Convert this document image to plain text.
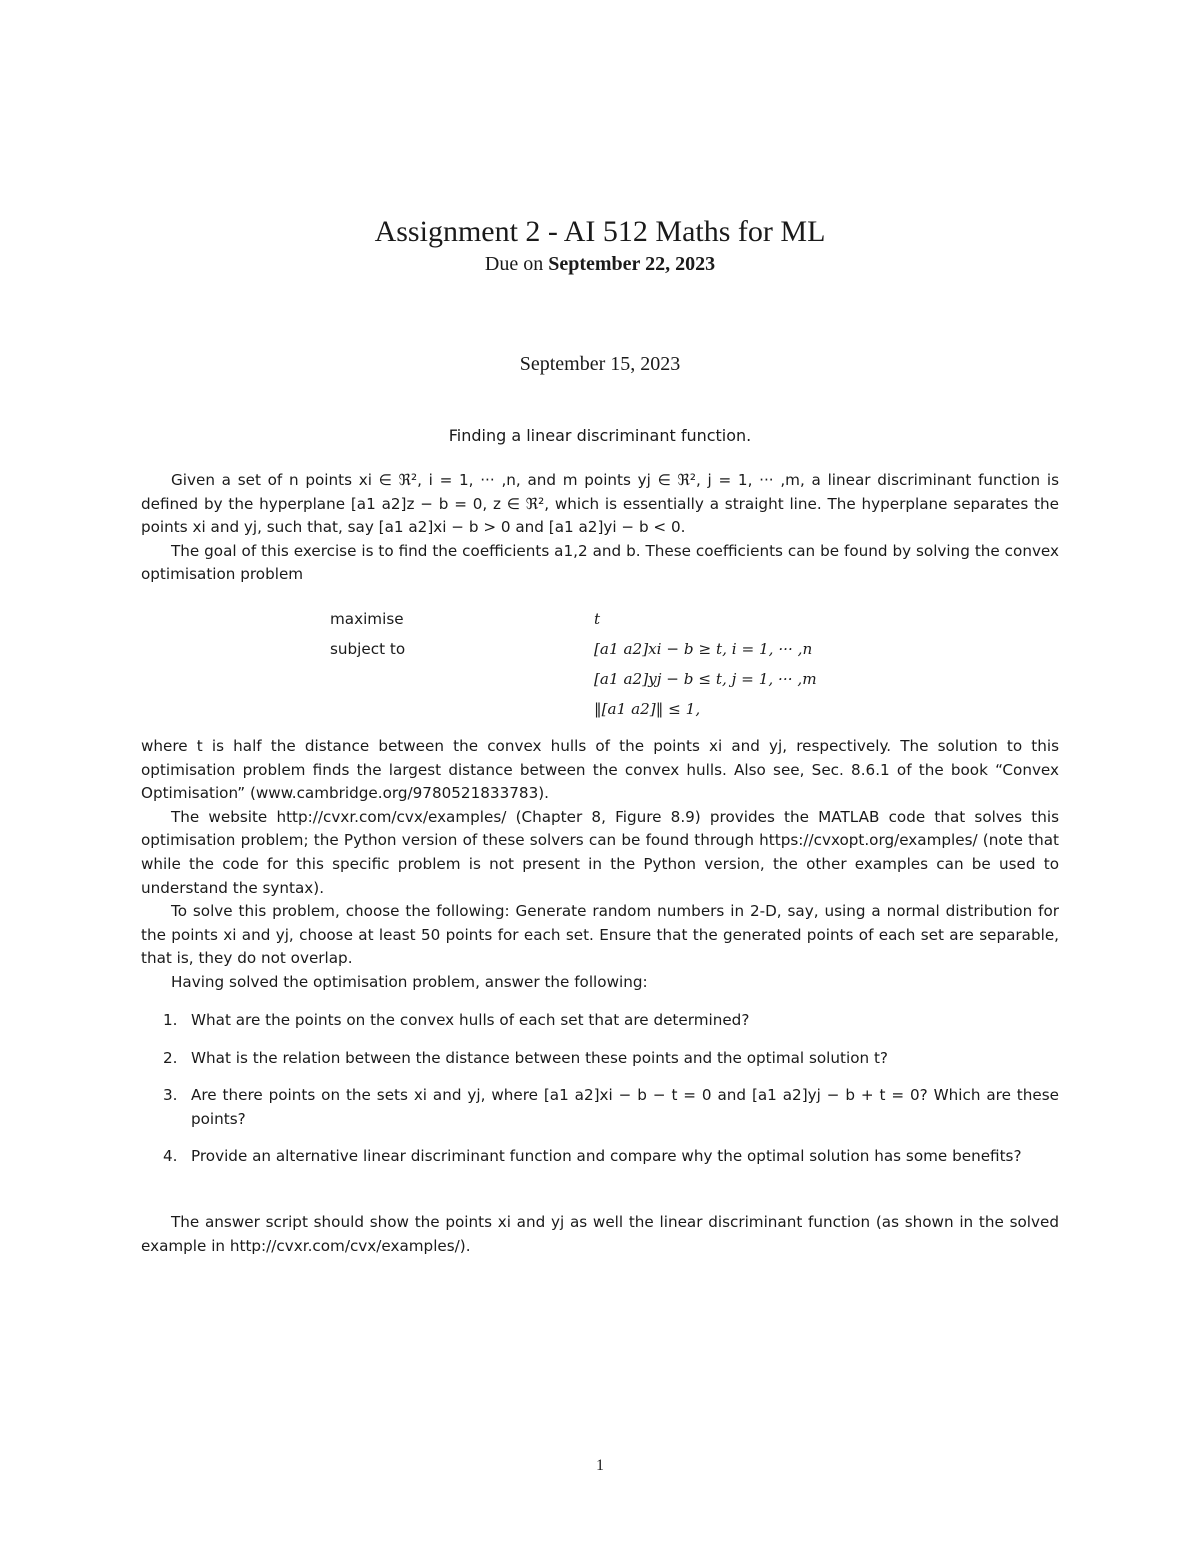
Assignment 2 - AI 512 Maths for ML
Due on September 22, 2023
September 15, 2023
Finding a linear discriminant function.

Given a set of n points xi ∈ ℜ², i = 1, ··· ,n, and m points yj ∈ ℜ², j = 1, ··· ,m, a linear discriminant function is defined by the hyperplane [a1 a2]z − b = 0, z ∈ ℜ², which is essentially a straight line. The hyperplane separates the points xi and yj, such that, say [a1 a2]xi − b > 0 and [a1 a2]yi − b < 0.

The goal of this exercise is to find the coefficients a1,2 and b. These coefficients can be found by solving the convex optimisation problem

maximise	t
subject to	[a1 a2]xi − b ≥ t, i = 1, ··· ,n
[a1 a2]yj − b ≤ t, j = 1, ··· ,m
‖[a1 a2]‖ ≤ 1,

where t is half the distance between the convex hulls of the points xi and yj, respectively. The solution to this optimisation problem finds the largest distance between the convex hulls. Also see, Sec. 8.6.1 of the book “Convex Optimisation” (www.cambridge.org/9780521833783).

The website http://cvxr.com/cvx/examples/ (Chapter 8, Figure 8.9) provides the MATLAB code that solves this optimisation problem; the Python version of these solvers can be found through https://cvxopt.org/examples/ (note that while the code for this specific problem is not present in the Python version, the other examples can be used to understand the syntax).

To solve this problem, choose the following: Generate random numbers in 2-D, say, using a normal distribution for the points xi and yj, choose at least 50 points for each set. Ensure that the generated points of each set are separable, that is, they do not overlap.

Having solved the optimisation problem, answer the following:

1. What are the points on the convex hulls of each set that are determined?
2. What is the relation between the distance between these points and the optimal solution t?
3. Are there points on the sets xi and yj, where [a1 a2]xi − b − t = 0 and [a1 a2]yj − b + t = 0? Which are these points?
4. Provide an alternative linear discriminant function and compare why the optimal solution has some benefits?

The answer script should show the points xi and yj as well the linear discriminant function (as shown in the solved example in http://cvxr.com/cvx/examples/).

1
